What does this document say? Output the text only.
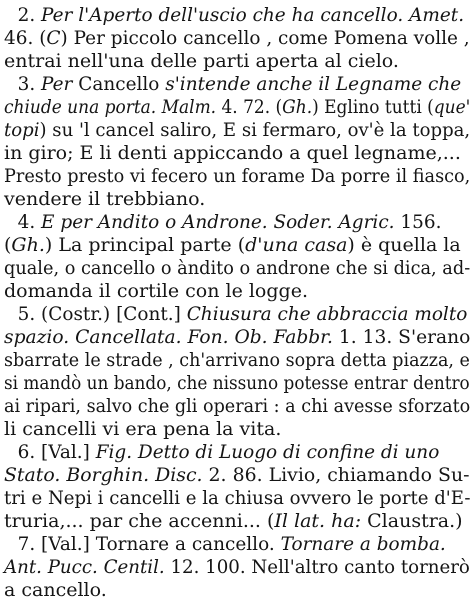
2. Per l'Aperto dell'uscio che ha cancello. Amet.
46. (C) Per piccolo cancello , come Pomena volle ,
entrai nell'una delle parti aperta al cielo.
3. Per Cancello s'intende anche il Legname che
chiude una porta. Malm. 4. 72. (Gh.) Eglino tutti (que'
topi) su 'l cancel saliro, E si fermaro, ov'è la toppa,
in giro; E li denti appiccando a quel legname,...
Presto presto vi fecero un forame Da porre il fiasco,
vendere il trebbiano.
4. E per Andito o Androne. Soder. Agric. 156.
(Gh.) La principal parte (d'una casa) è quella la
quale, o cancello o àndito o androne che si dica, ad-
domanda il cortile con le logge.
5. (Costr.) [Cont.] Chiusura che abbraccia molto
spazio. Cancellata. Fon. Ob. Fabbr. 1. 13. S'erano
sbarrate le strade , ch'arrivano sopra detta piazza, e
si mandò un bando, che nissuno potesse entrar dentro
ai ripari, salvo che gli operari : a chi avesse sforzato
li cancelli vi era pena la vita.
6. [Val.] Fig. Detto di Luogo di confine di uno
Stato. Borghin. Disc. 2. 86. Livio, chiamando Su-
tri e Nepi i cancelli e la chiusa ovvero le porte d'E-
truria,... par che accenni... (Il lat. ha: Claustra.)
7. [Val.] Tornare a cancello. Tornare a bomba.
Ant. Pucc. Centil. 12. 100. Nell'altro canto tornerò
a cancello.
